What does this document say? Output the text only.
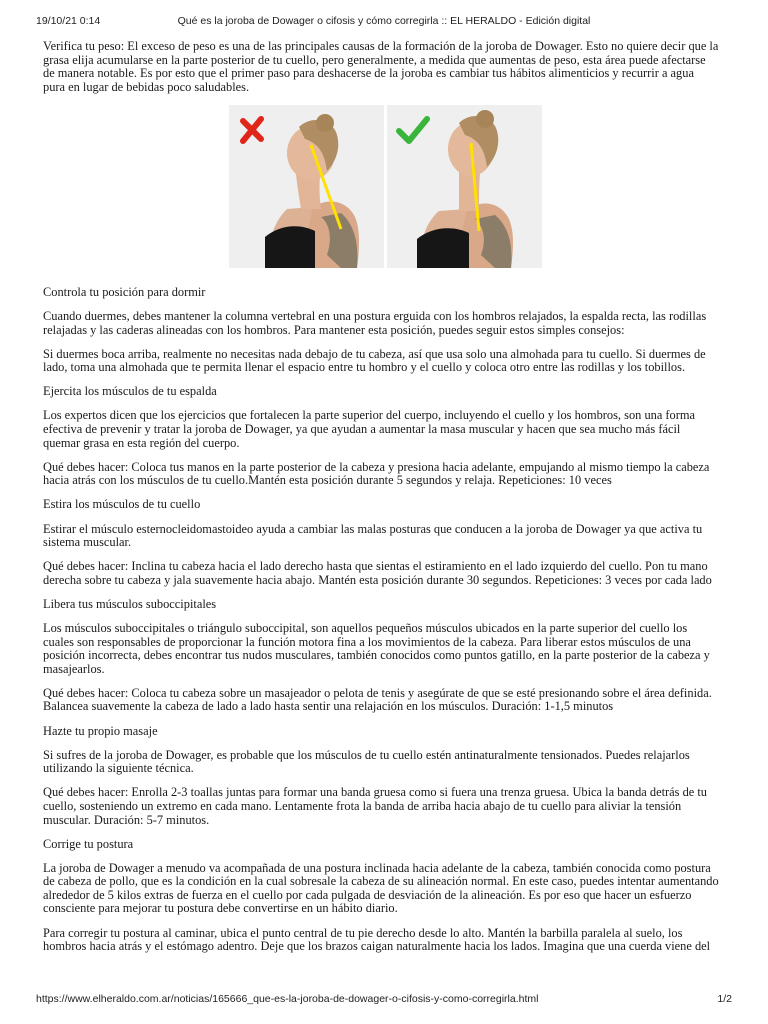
19/10/21 0:14	Qué es la joroba de Dowager o cifosis y cómo corregirla :: EL HERALDO - Edición digital

Verifica tu peso: El exceso de peso es una de las principales causas de la formación de la joroba de Dowager. Esto no quiere decir que la grasa elija acumularse en la parte posterior de tu cuello, pero generalmente, a medida que aumentas de peso, esta área puede afectarse de manera notable. Es por esto que el primer paso para deshacerse de la joroba es cambiar tus hábitos alimenticios y recurrir a agua pura en lugar de bebidas poco saludables.

Controla tu posición para dormir

Cuando duermes, debes mantener la columna vertebral en una postura erguida con los hombros relajados, la espalda recta, las rodillas relajadas y las caderas alineadas con los hombros. Para mantener esta posición, puedes seguir estos simples consejos:

Si duermes boca arriba, realmente no necesitas nada debajo de tu cabeza, así que usa solo una almohada para tu cuello. Si duermes de lado, toma una almohada que te permita llenar el espacio entre tu hombro y el cuello y coloca otro entre las rodillas y los tobillos.

Ejercita los músculos de tu espalda

Los expertos dicen que los ejercicios que fortalecen la parte superior del cuerpo, incluyendo el cuello y los hombros, son una forma efectiva de prevenir y tratar la joroba de Dowager, ya que ayudan a aumentar la masa muscular y hacen que sea mucho más fácil quemar grasa en esta región del cuerpo.

Qué debes hacer: Coloca tus manos en la parte posterior de la cabeza y presiona hacia adelante, empujando al mismo tiempo la cabeza hacia atrás con los músculos de tu cuello.Mantén esta posición durante 5 segundos y relaja. Repeticiones: 10 veces

Estira los músculos de tu cuello

Estirar el músculo esternocleidomastoideo ayuda a cambiar las malas posturas que conducen a la joroba de Dowager ya que activa tu sistema muscular.

Qué debes hacer: Inclina tu cabeza hacia el lado derecho hasta que sientas el estiramiento en el lado izquierdo del cuello. Pon tu mano derecha sobre tu cabeza y jala suavemente hacia abajo. Mantén esta posición durante 30 segundos. Repeticiones: 3 veces por cada lado

Libera tus músculos suboccipitales

Los músculos suboccipitales o triángulo suboccipital, son aquellos pequeños músculos ubicados en la parte superior del cuello los cuales son responsables de proporcionar la función motora fina a los movimientos de la cabeza. Para liberar estos músculos de una posición incorrecta, debes encontrar tus nudos musculares, también conocidos como puntos gatillo, en la parte posterior de la cabeza y masajearlos.

Qué debes hacer: Coloca tu cabeza sobre un masajeador o pelota de tenis y asegúrate de que se esté presionando sobre el área definida. Balancea suavemente la cabeza de lado a lado hasta sentir una relajación en los músculos. Duración: 1-1,5 minutos

Hazte tu propio masaje

Si sufres de la joroba de Dowager, es probable que los músculos de tu cuello estén antinaturalmente tensionados. Puedes relajarlos utilizando la siguiente técnica.

Qué debes hacer: Enrolla 2-3 toallas juntas para formar una banda gruesa como si fuera una trenza gruesa. Ubica la banda detrás de tu cuello, sosteniendo un extremo en cada mano. Lentamente frota la banda de arriba hacia abajo de tu cuello para aliviar la tensión muscular. Duración: 5-7 minutos.

Corrige tu postura

La joroba de Dowager a menudo va acompañada de una postura inclinada hacia adelante de la cabeza, también conocida como postura de cabeza de pollo, que es la condición en la cual sobresale la cabeza de su alineación normal. En este caso, puedes intentar aumentando alrededor de 5 kilos extras de fuerza en el cuello por cada pulgada de desviación de la alineación. Es por eso que hacer un esfuerzo consciente para mejorar tu postura debe convertirse en un hábito diario.

Para corregir tu postura al caminar, ubica el punto central de tu pie derecho desde lo alto. Mantén la barbilla paralela al suelo, los hombros hacia atrás y el estómago adentro. Deje que los brazos caigan naturalmente hacia los lados. Imagina que una cuerda viene del

https://www.elheraldo.com.ar/noticias/165666_que-es-la-joroba-de-dowager-o-cifosis-y-como-corregirla.html	1/2
